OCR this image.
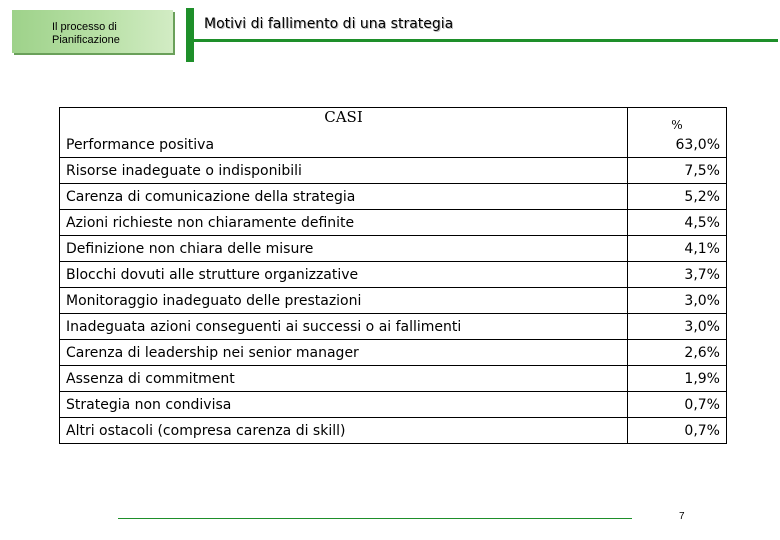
Il processo di Pianificazione
Motivi di fallimento di una strategia
CASI	%
Performance positiva	63,0%
Risorse inadeguate o indisponibili	7,5%
Carenza di comunicazione della strategia	5,2%
Azioni richieste non chiaramente definite	4,5%
Definizione non chiara delle misure	4,1%
Blocchi dovuti alle strutture organizzative	3,7%
Monitoraggio inadeguato delle prestazioni	3,0%
Inadeguata azioni conseguenti ai successi o ai fallimenti	3,0%
Carenza di leadership nei senior manager	2,6%
Assenza di commitment	1,9%
Strategia non condivisa	0,7%
Altri ostacoli (compresa carenza di skill)	0,7%
7
